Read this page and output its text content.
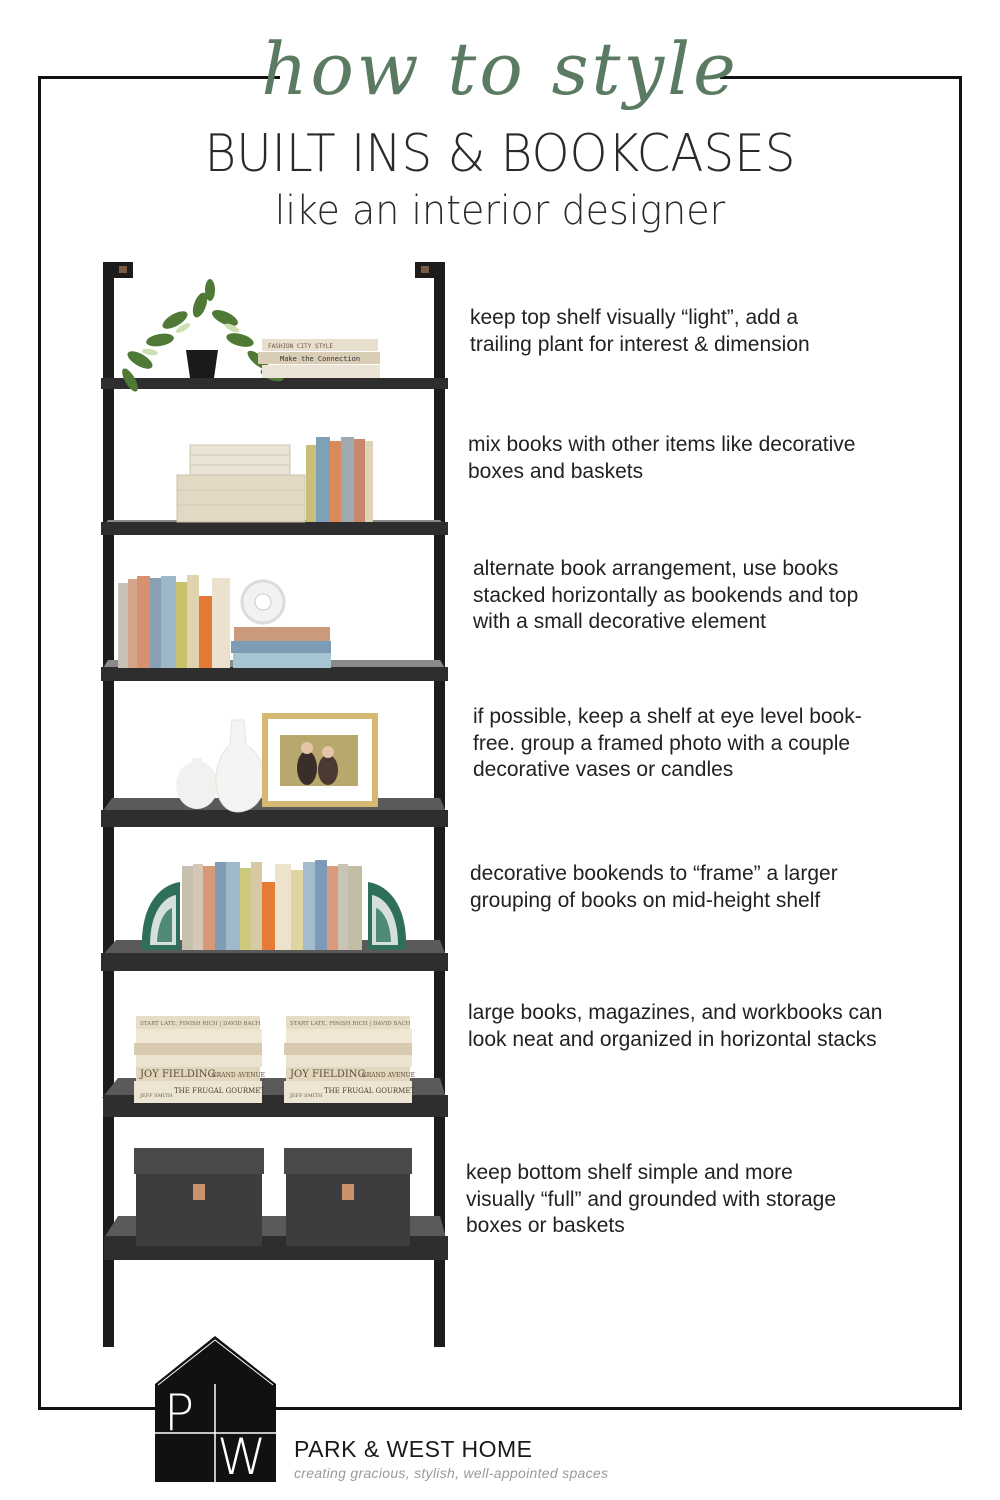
how to style
BUILT INS & BOOKCASES
like an interior designer
FASHION CITY STYLE
Make the Connection
START LATE, FINISH RICH | DAVID BACH
JOY FIELDING
GRAND AVENUE
THE FRUGAL GOURMET
JEFF SMITH
START LATE, FINISH RICH | DAVID BACH
JOY FIELDING
GRAND AVENUE
THE FRUGAL GOURMET
JEFF SMITH
keep top shelf visually “light”, add a
trailing plant for interest & dimension
mix books with other items like decorative
boxes and baskets
alternate book arrangement, use books
stacked horizontally as bookends and top
with a small decorative element
if possible, keep a shelf at eye level book-
free. group a framed photo with a couple
decorative vases or candles
decorative bookends to “frame” a larger
grouping of books on mid-height shelf
large books, magazines, and workbooks can
look neat and organized in horizontal stacks
keep bottom shelf simple and more
visually “full” and grounded with storage
boxes or baskets
P
W PARK & WEST HOME
creating gracious, stylish, well-appointed spaces
